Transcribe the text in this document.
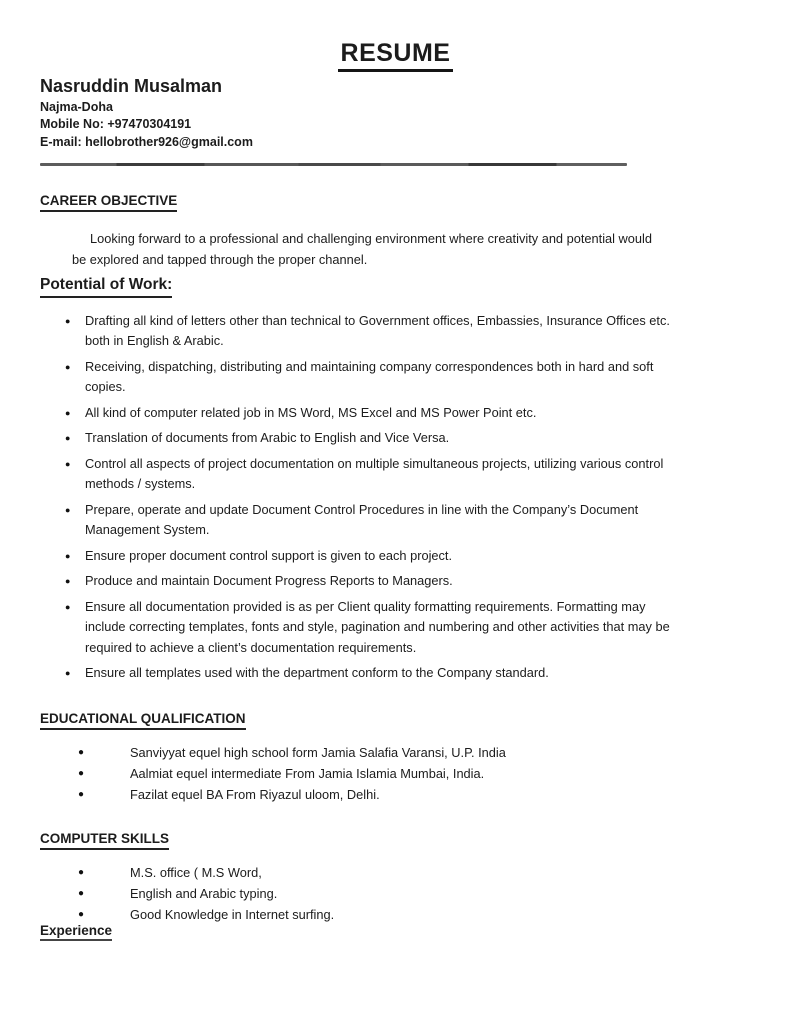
RESUME
Nasruddin Musalman
Najma-Doha
Mobile No: +97470304191
E-mail: hellobrother926@gmail.com
CAREER OBJECTIVE

Looking forward to a professional and challenging environment where creativity and potential would be explored and tapped through the proper channel.

Potential of Work:
● Drafting all kind of letters other than technical to Government offices, Embassies, Insurance Offices etc. both in English & Arabic.
● Receiving, dispatching, distributing and maintaining company correspondences both in hard and soft copies.
● All kind of computer related job in MS Word, MS Excel and MS Power Point etc.
● Translation of documents from Arabic to English and Vice Versa.
● Control all aspects of project documentation on multiple simultaneous projects, utilizing various control methods / systems.
● Prepare, operate and update Document Control Procedures in line with the Company’s Document Management System.
● Ensure proper document control support is given to each project.
● Produce and maintain Document Progress Reports to Managers.
● Ensure all documentation provided is as per Client quality formatting requirements. Formatting may include correcting templates, fonts and style, pagination and numbering and other activities that may be required to achieve a client’s documentation requirements.
● Ensure all templates used with the department conform to the Company standard.
EDUCATIONAL QUALIFICATION
● Sanviyyat equel high school form Jamia Salafia Varansi, U.P. India
● Aalmiat equel intermediate From Jamia Islamia Mumbai, India.
● Fazilat equel BA From Riyazul uloom, Delhi.
COMPUTER SKILLS
● M.S. office ( M.S Word,
● English and Arabic typing.
● Good Knowledge in Internet surfing.
Experience
